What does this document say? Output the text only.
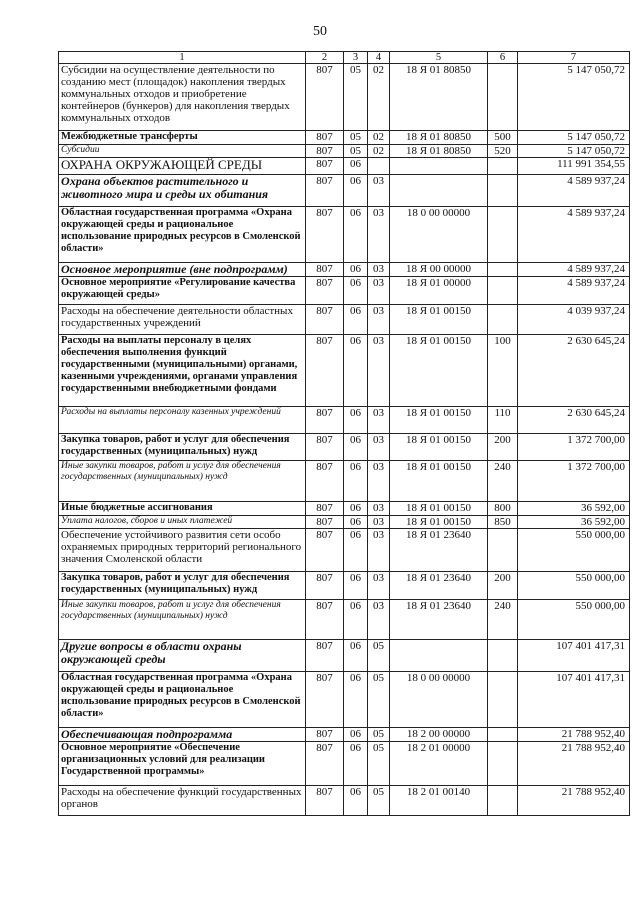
50
1	2	3	4	5	6	7
Субсидии на осуществление деятельности по созданию мест (площадок) накопления твердых коммунальных отходов и приобретение контейнеров (бункеров) для накопления твердых коммунальных отходов	807	05	02	18 Я 01 80850		5 147 050,72
Межбюджетные трансферты	807	05	02	18 Я 01 80850	500	5 147 050,72
Субсидии	807	05	02	18 Я 01 80850	520	5 147 050,72
ОХРАНА ОКРУЖАЮЩЕЙ СРЕДЫ	807	06				111 991 354,55
Охрана объектов растительного и животного мира и среды их обитания	807	06	03			4 589 937,24
Областная государственная программа «Охрана окружающей среды и рациональное использование природных ресурсов в Смоленской области»	807	06	03	18 0 00 00000		4 589 937,24
Основное мероприятие (вне подпрограмм)	807	06	03	18 Я 00 00000		4 589 937,24
Основное мероприятие «Регулирование качества окружающей среды»	807	06	03	18 Я 01 00000		4 589 937,24
Расходы на обеспечение деятельности областных государственных учреждений	807	06	03	18 Я 01 00150		4 039 937,24
Расходы на выплаты персоналу в целях обеспечения выполнения функций государственными (муниципальными) органами, казенными учреждениями, органами управления государственными внебюджетными фондами	807	06	03	18 Я 01 00150	100	2 630 645,24
Расходы на выплаты персоналу казенных учреждений	807	06	03	18 Я 01 00150	110	2 630 645,24
Закупка товаров, работ и услуг для обеспечения государственных (муниципальных) нужд	807	06	03	18 Я 01 00150	200	1 372 700,00
Иные закупки товаров, работ и услуг для обеспечения государственных (муниципальных) нужд	807	06	03	18 Я 01 00150	240	1 372 700,00
Иные бюджетные ассигнования	807	06	03	18 Я 01 00150	800	36 592,00
Уплата налогов, сборов и иных платежей	807	06	03	18 Я 01 00150	850	36 592,00
Обеспечение устойчивого развития сети особо охраняемых природных территорий регионального значения Смоленской области	807	06	03	18 Я 01 23640		550 000,00
Закупка товаров, работ и услуг для обеспечения государственных (муниципальных) нужд	807	06	03	18 Я 01 23640	200	550 000,00
Иные закупки товаров, работ и услуг для обеспечения государственных (муниципальных) нужд	807	06	03	18 Я 01 23640	240	550 000,00
Другие вопросы в области охраны окружающей среды	807	06	05			107 401 417,31
Областная государственная программа «Охрана окружающей среды и рациональное использование природных ресурсов в Смоленской области»	807	06	05	18 0 00 00000		107 401 417,31
Обеспечивающая подпрограмма	807	06	05	18 2 00 00000		21 788 952,40
Основное мероприятие «Обеспечение организационных условий для реализации Государственной программы»	807	06	05	18 2 01 00000		21 788 952,40
Расходы на обеспечение функций государственных органов	807	06	05	18 2 01 00140		21 788 952,40
